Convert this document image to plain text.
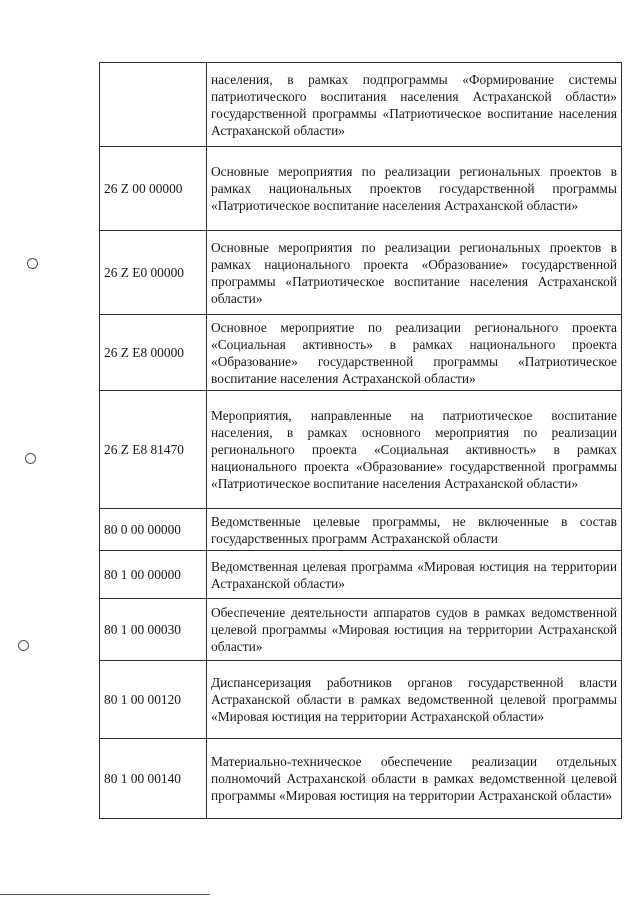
	населения, в рамках подпрограммы «Формирование системы патриотического воспитания населения Астраханской области» государственной программы «Патриотическое воспитание населения Астраханской области»
26 Z 00 00000	Основные мероприятия по реализации региональных проектов в рамках национальных проектов государственной программы «Патриотическое воспитание населения Астраханской области»
26 Z E0 00000	Основные мероприятия по реализации региональных проектов в рамках национального проекта «Образование» государственной программы «Патриотическое воспитание населения Астраханской области»
26 Z E8 00000	Основное мероприятие по реализации регионального проекта «Социальная активность» в рамках национального проекта «Образование» государственной программы «Патриотическое воспитание населения Астраханской области»
26 Z E8 81470	Мероприятия, направленные на патриотическое воспитание населения, в рамках основного мероприятия по реализации регионального проекта «Социальная активность» в рамках национального проекта «Образование» государственной программы «Патриотическое воспитание населения Астраханской области»
80 0 00 00000	Ведомственные целевые программы, не включенные в состав государственных программ Астраханской области
80 1 00 00000	Ведомственная целевая программа «Мировая юстиция на территории Астраханской области»
80 1 00 00030	Обеспечение деятельности аппаратов судов в рамках ведомственной целевой программы «Мировая юстиция на территории Астраханской области»
80 1 00 00120	Диспансеризация работников органов государственной власти Астраханской области в рамках ведомственной целевой программы «Мировая юстиция на территории Астраханской области»
80 1 00 00140	Материально-техническое обеспечение реализации отдельных полномочий Астраханской области в рамках ведомственной целевой программы «Мировая юстиция на территории Астраханской области»
